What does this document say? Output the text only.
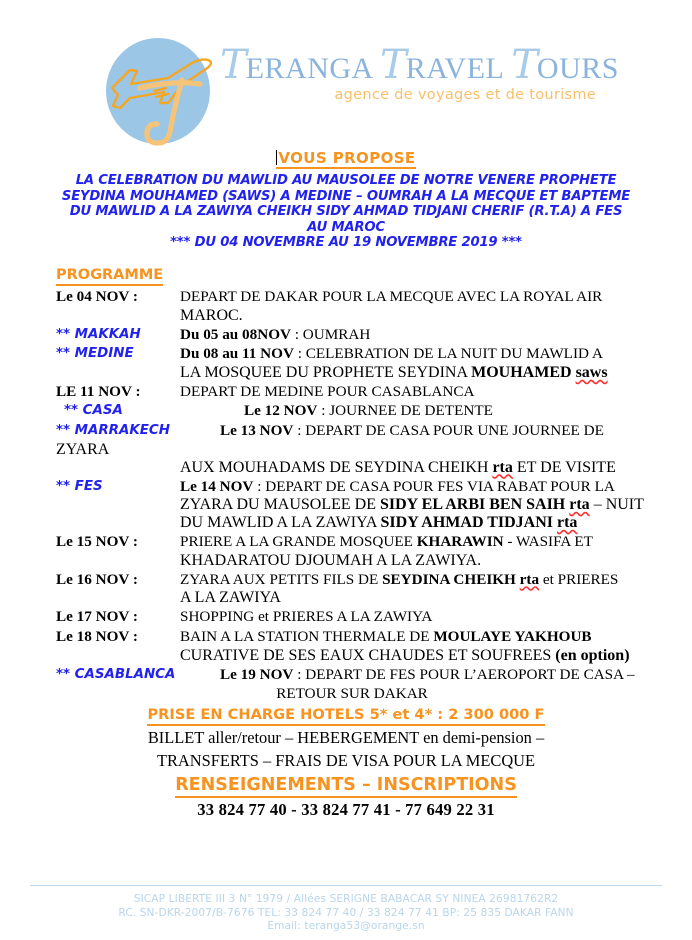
TERANGA TRAVEL TOURS
agence de voyages et de tourisme
VOUS PROPOSE
LA CELEBRATION DU MAWLID AU MAUSOLEE DE NOTRE VENERE PROPHETE
SEYDINA MOUHAMED (SAWS) A MEDINE – OUMRAH A LA MECQUE ET BAPTEME
DU MAWLID A LA ZAWIYA CHEIKH SIDY AHMAD TIDJANI CHERIF (R.T.A) A FES
AU MAROC
*** DU 04 NOVEMBRE AU 19 NOVEMBRE 2019 ***
PROGRAMME
Le 04 NOV :	DEPART DE DAKAR POUR LA MECQUE AVEC LA ROYAL AIR
MAROC.
** MAKKAH	Du 05 au 08NOV : OUMRAH
** MEDINE	Du 08 au 11 NOV : CELEBRATION DE LA NUIT DU MAWLID A
LA MOSQUEE DU PROPHETE SEYDINA MOUHAMED saws
LE 11 NOV :	DEPART DE MEDINE POUR CASABLANCA
** CASA	Le 12 NOV : JOURNEE DE DETENTE
** MARRAKECH	Le 13 NOV : DEPART DE CASA POUR UNE JOURNEE DE
ZYARA
AUX MOUHADAMS DE SEYDINA CHEIKH rta ET DE VISITE
** FES	Le 14 NOV : DEPART DE CASA POUR FES VIA RABAT POUR LA
ZYARA DU MAUSOLEE DE SIDY EL ARBI BEN SAIH rta – NUIT
DU MAWLID A LA ZAWIYA SIDY AHMAD TIDJANI rta
Le 15 NOV :	PRIERE A LA GRANDE MOSQUEE KHARAWIN - WASIFA ET
KHADARATOU DJOUMAH A LA ZAWIYA.
Le 16 NOV :	ZYARA AUX PETITS FILS DE SEYDINA CHEIKH rta et PRIERES
A LA ZAWIYA
Le 17 NOV :	SHOPPING et PRIERES A LA ZAWIYA
Le 18 NOV :	BAIN A LA STATION THERMALE DE MOULAYE YAKHOUB
CURATIVE DE SES EAUX CHAUDES ET SOUFREES (en option)
** CASABLANCA	Le 19 NOV : DEPART DE FES POUR L’AEROPORT DE CASA –
RETOUR SUR DAKAR
PRISE EN CHARGE HOTELS 5* et 4* : 2 300 000 F
BILLET aller/retour – HEBERGEMENT en demi-pension –
TRANSFERTS – FRAIS DE VISA POUR LA MECQUE
RENSEIGNEMENTS – INSCRIPTIONS
33 824 77 40 - 33 824 77 41 - 77 649 22 31
SICAP LIBERTE III 3 N° 1979 / Allées SERIGNE BABACAR SY NINEA 26981762R2
RC. SN-DKR-2007/B-7676 TEL: 33 824 77 40 / 33 824 77 41 BP: 25 835 DAKAR FANN
Email: teranga53@orange.sn
